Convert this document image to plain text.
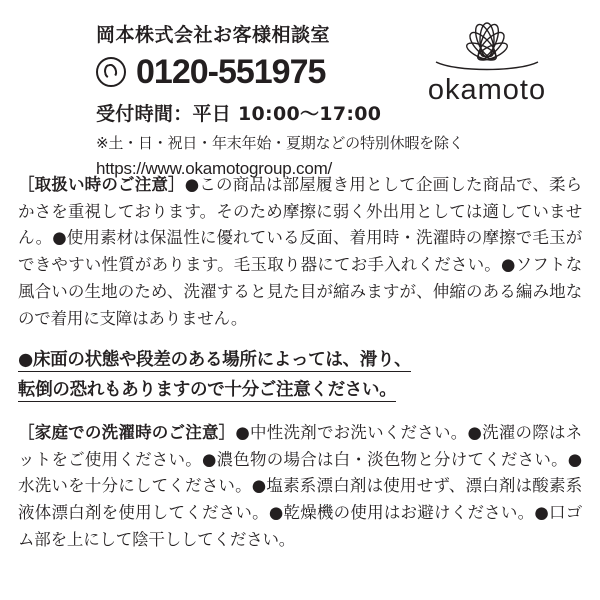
okamoto
岡本株式会社お客様相談室
0120-551975
受付時間：平日 10:00〜17:00
※土・日・祝日・年末年始・夏期などの特別休暇を除く
https://www.okamotogroup.com/
［取扱い時のご注意］●この商品は部屋履き用として企画した商品で、柔らかさを重視しております。そのため摩擦に弱く外出用としては適していません。●使用素材は保温性に優れている反面、着用時・洗濯時の摩擦で毛玉ができやすい性質があります。毛玉取り器にてお手入れください。●ソフトな風合いの生地のため、洗濯すると見た目が縮みますが、伸縮のある編み地なので着用に支障はありません。
●床面の状態や段差のある場所によっては、滑り、
転倒の恐れもありますので十分ご注意ください。
［家庭での洗濯時のご注意］●中性洗剤でお洗いください。●洗濯の際はネットをご使用ください。●濃色物の場合は白・淡色物と分けてください。●水洗いを十分にしてください。●塩素系漂白剤は使用せず、漂白剤は酸素系液体漂白剤を使用してください。●乾燥機の使用はお避けください。●口ゴム部を上にして陰干ししてください。
